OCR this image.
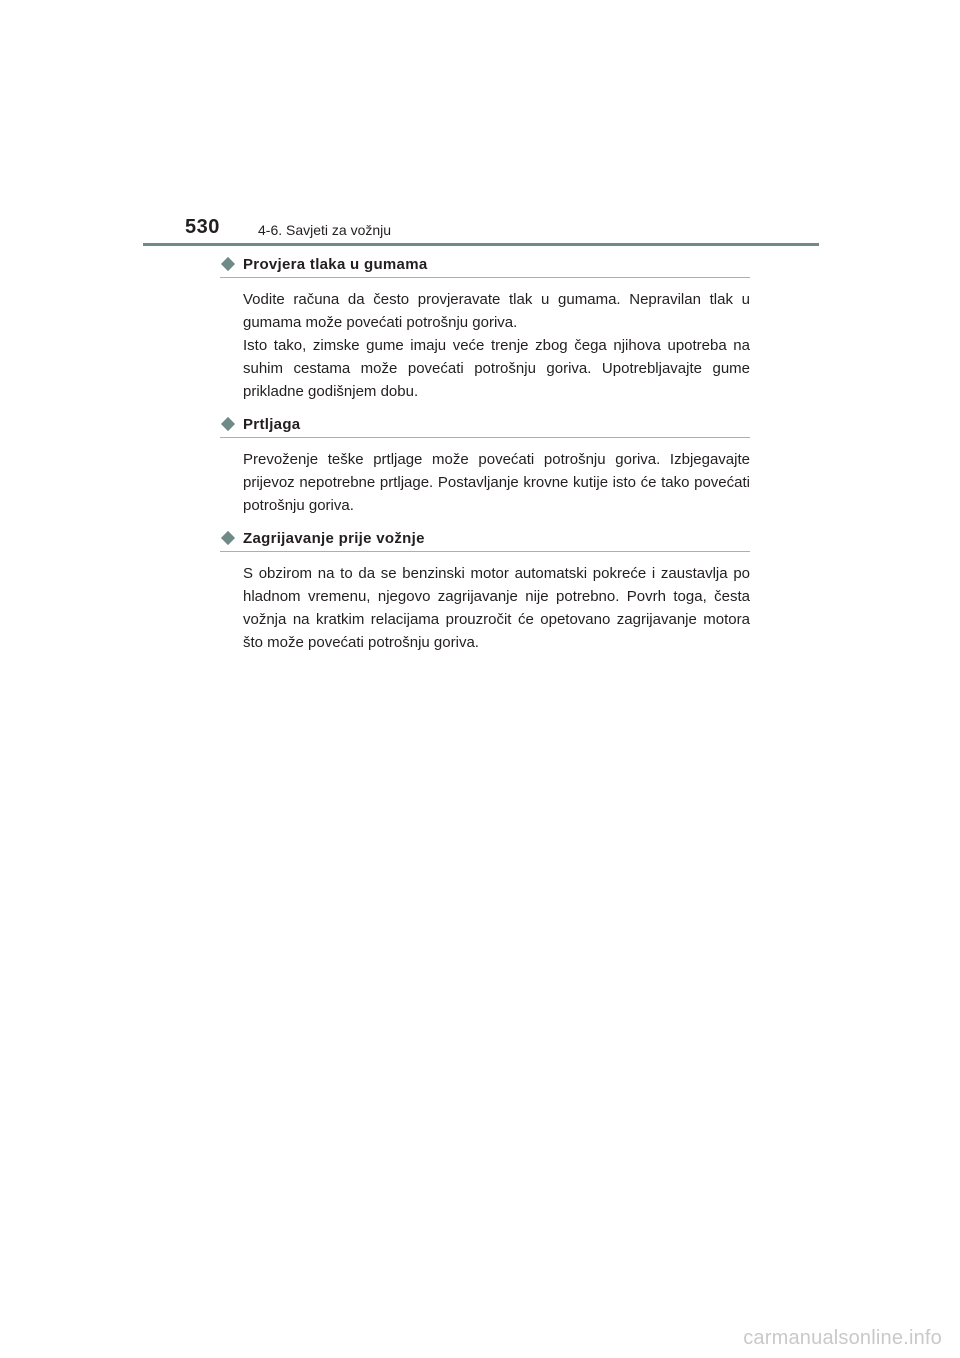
530	4-6. Savjeti za vožnju
Provjera tlaka u gumama

Vodite računa da često provjeravate tlak u gumama. Nepravilan tlak u gumama može povećati potrošnju goriva.

Isto tako, zimske gume imaju veće trenje zbog čega njihova upotreba na suhim cestama može povećati potrošnju goriva. Upotrebljavajte gume prikladne godišnjem dobu.

Prtljaga

Prevoženje teške prtljage može povećati potrošnju goriva. Izbjegavajte prijevoz nepotrebne prtljage. Postavljanje krovne kutije isto će tako povećati potrošnju goriva.

Zagrijavanje prije vožnje

S obzirom na to da se benzinski motor automatski pokreće i zaustavlja po hladnom vremenu, njegovo zagrijavanje nije potrebno. Povrh toga, česta vožnja na kratkim relacijama prouzročit će opetovano zagrijavanje motora što može povećati potrošnju goriva.

carmanualsonline.info
